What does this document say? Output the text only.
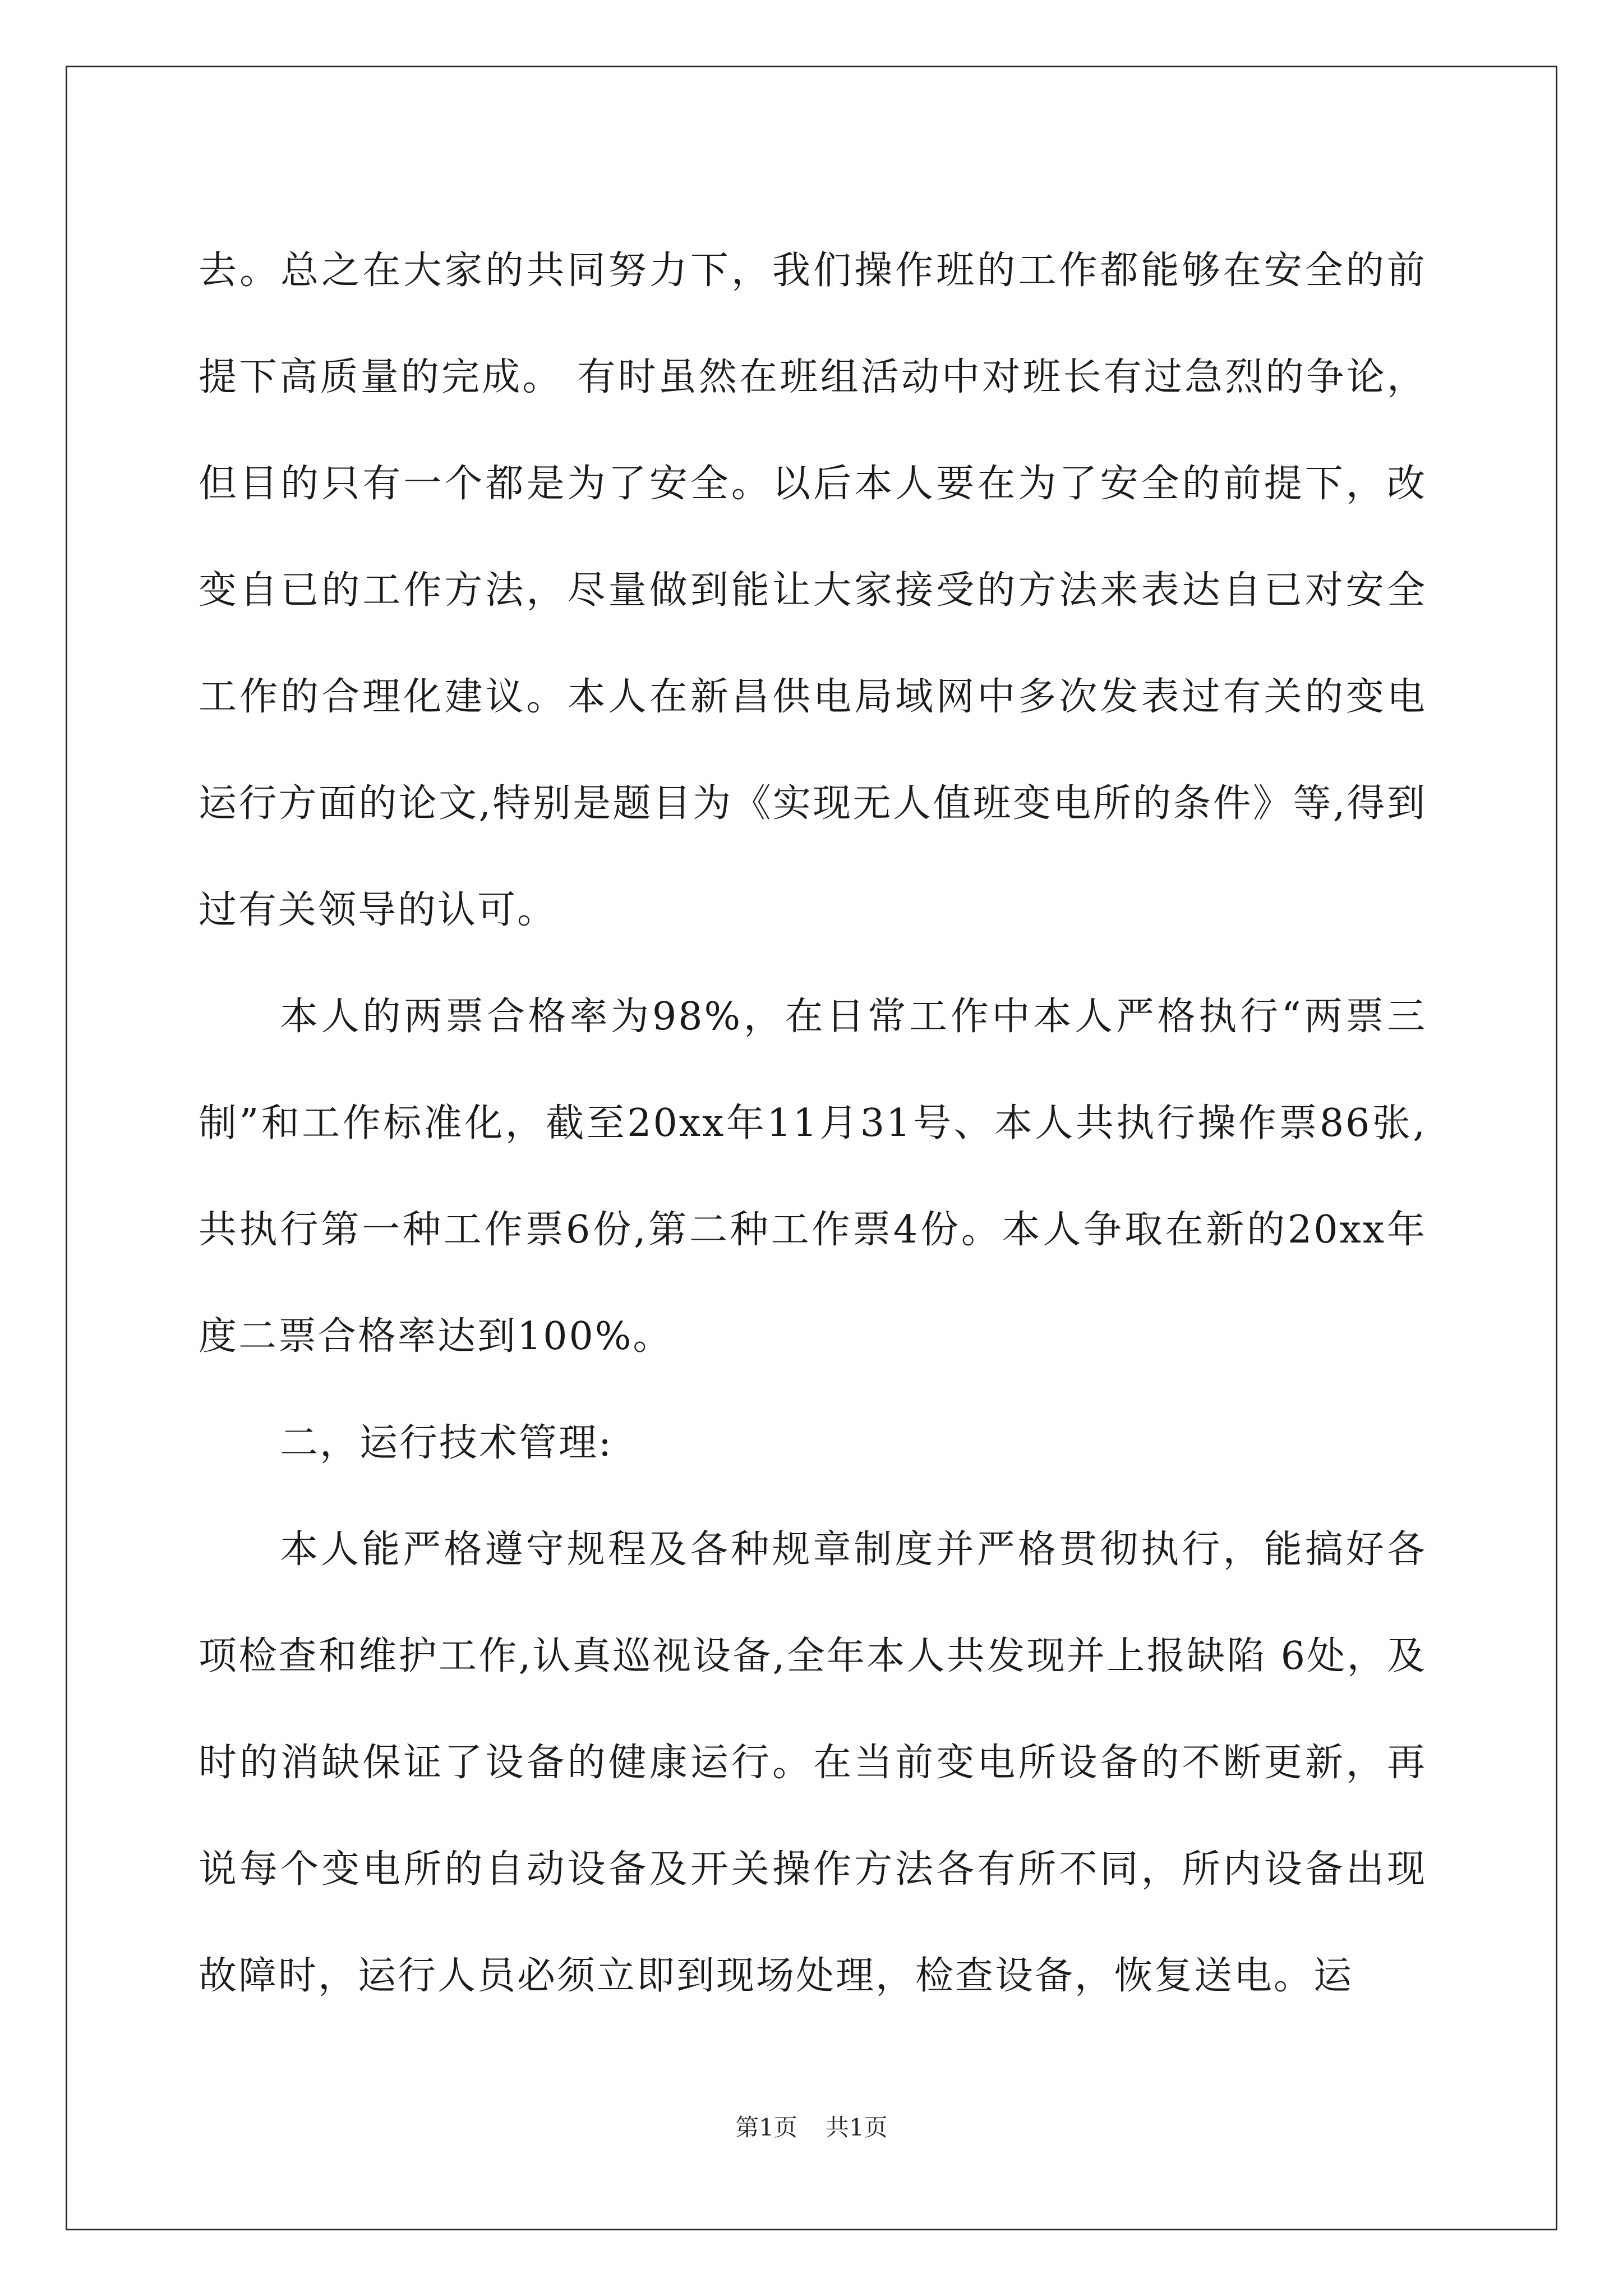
去。总之在大家的共同努力下，我们操作班的工作都能够在安全的前提下高质量的完成。 有时虽然在班组活动中对班长有过急烈的争论，但目的只有一个都是为了安全。以后本人要在为了安全的前提下，改变自已的工作方法，尽量做到能让大家接受的方法来表达自已对安全工作的合理化建议。本人在新昌供电局域网中多次发表过有关的变电运行方面的论文,特别是题目为《实现无人值班变电所的条件》等,得到过有关领导的认可。

本人的两票合格率为98%，在日常工作中本人严格执行“两票三制”和工作标准化，截至20xx年11月31号、本人共执行操作票86张,共执行第一种工作票6份,第二种工作票4份。本人争取在新的20xx年度二票合格率达到100%。

二，运行技术管理:

本人能严格遵守规程及各种规章制度并严格贯彻执行，能搞好各项检查和维护工作,认真巡视设备,全年本人共发现并上报缺陷 6处，及时的消缺保证了设备的健康运行。在当前变电所设备的不断更新，再说每个变电所的自动设备及开关操作方法各有所不同，所内设备出现故障时，运行人员必须立即到现场处理，检查设备，恢复送电。运

第1页 共1页
